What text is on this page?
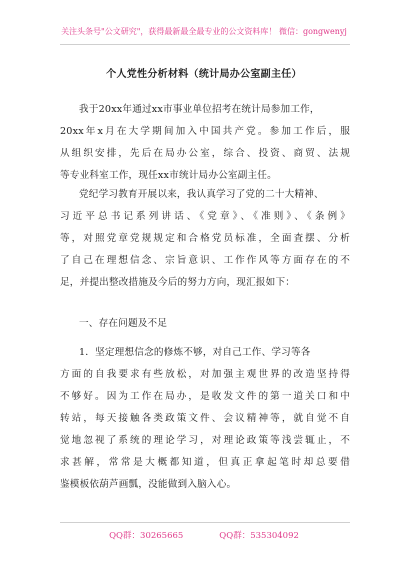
关注头条号"公文研究"，获得最新最全最专业的公文资料库！ 微信：gongwenyj
个人党性分析材料（统计局办公室副主任）
我于20xx年通过xx市事业单位招考在统计局参加工作，
20xx年x月在大学期间加入中国共产党。参加工作后，服
从组织安排，先后在局办公室，综合、投资、商贸、法规
等专业科室工作，现任xx市统计局办公室副主任。
党纪学习教育开展以来，我认真学习了党的二十大精神、
习近平总书记系列讲话、《党章》、《准则》、《条例》
等，对照党章党规规定和合格党员标准，全面査摆、分析
了自己在理想信念、宗旨意识、工作作风等方面存在的不
足，并提出整改措施及今后的努力方向，现汇报如下：
一、存在问题及不足
1．坚定理想信念的修炼不够，对自己工作、学习等各
方面的自我要求有些放松，对加强主观世界的改造坚持得
不够好。因为工作在局办，是收发文件的第一道关口和中
转站，每天接触各类政策文件、会议精神等，就自觉不自
觉地忽视了系统的理论学习，对理论政策等浅尝辄止，不
求甚解，常常是大概都知道，但真正拿起笔时却总要借
鉴模板依葫芦画瓢，没能做到入脑入心。
QQ群：30265665	QQ群：535304092
